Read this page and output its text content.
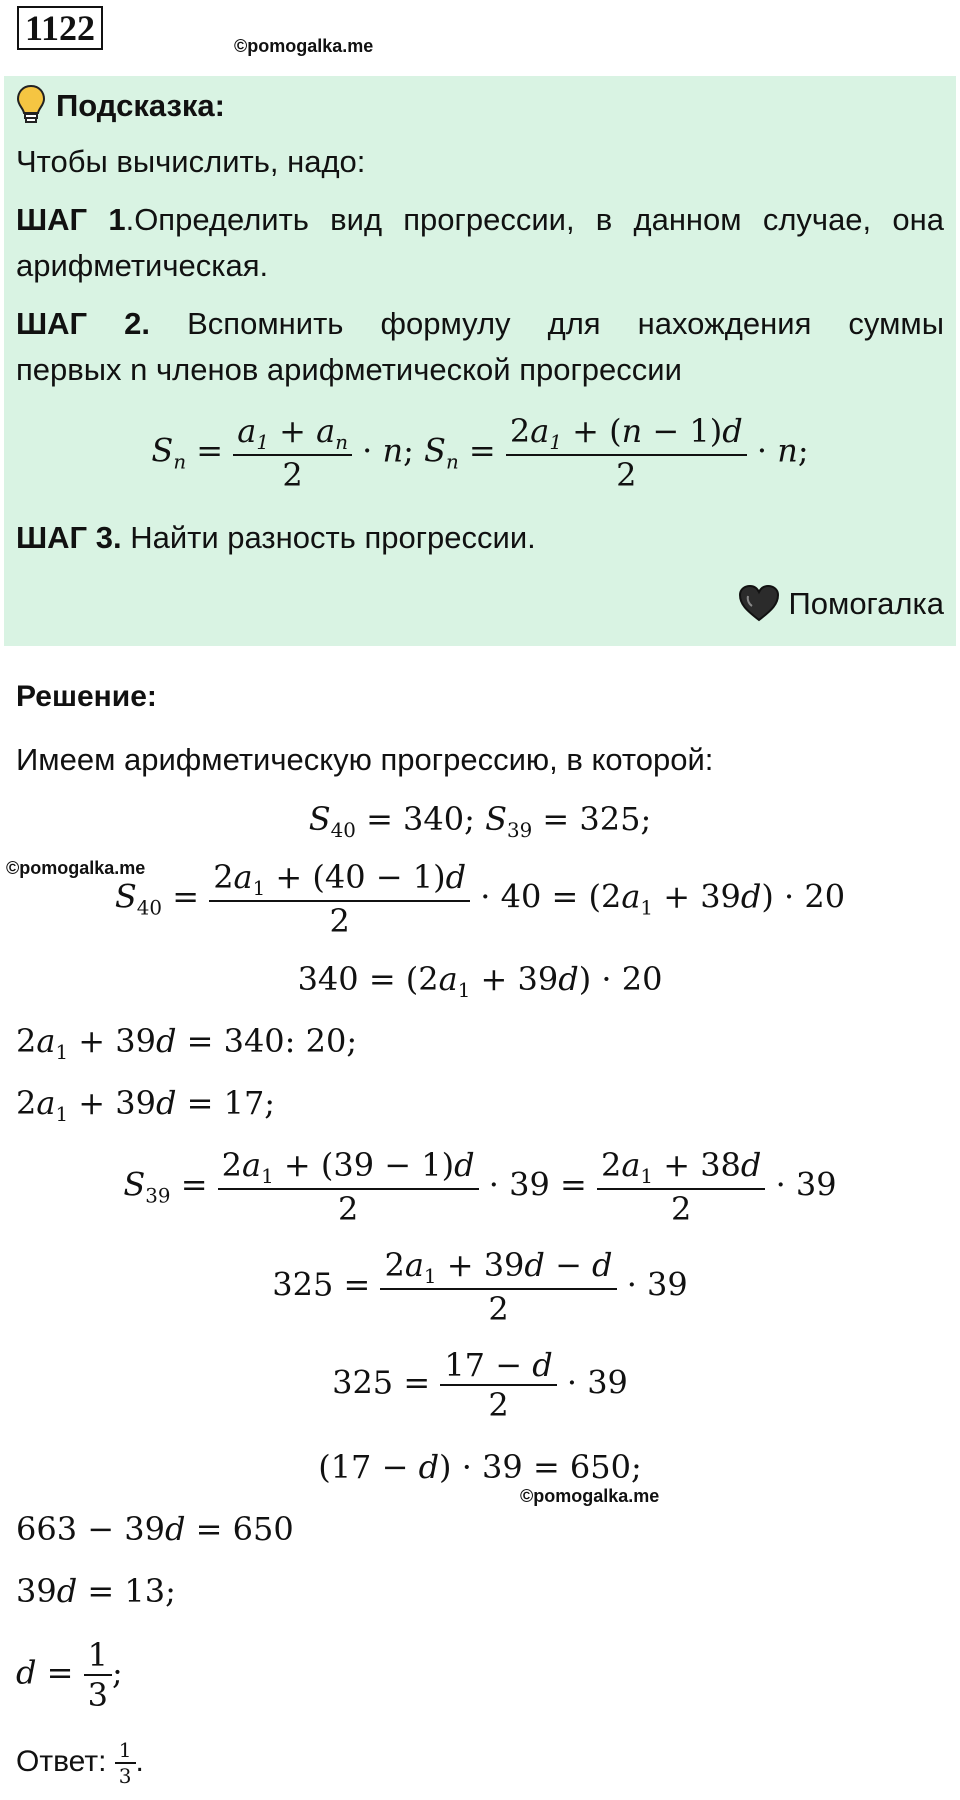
1122	©pomogalka.me
Подсказка:
Чтобы вычислить, надо:
ШАГ 1.Определить вид прогрессии, в данном случае, она
арифметическая.
ШАГ 2. Вспомнить формулу для нахождения суммы
первых n членов арифметической прогрессии
$S_n = \frac{a_1 + a_n}{2} \cdot n$; $S_n = \frac{2a_1 + (n - 1)d}{2} \cdot n$;
ШАГ 3. Найти разность прогрессии.
Помогалка
Решение:
Имеем арифметическую прогрессию, в которой:
$S_{40} = 340$; $S_{39} = 325$;
©pomogalka.me
$S_{40} = \frac{2a_1 + (40 - 1)d}{2} \cdot 40 = (2a_1 + 39d) \cdot 20$
$340 = (2a_1 + 39d) \cdot 20$
$2a_1 + 39d = 340$: 20;
$2a_1 + 39d = 17$;
$S_{39} = \frac{2a_1 + (39 - 1)d}{2} \cdot 39 = \frac{2a_1 + 38d}{2} \cdot 39$
$325 = \frac{2a_1 + 39d - d}{2} \cdot 39$
$325 = \frac{17 - d}{2} \cdot 39$
(17 − d) · 39 = 650;
©pomogalka.me
663 − 39d = 650
39d = 13;
$d = \frac{1}{3}$ ;
Ответ: $\frac{1}{3}$ .
